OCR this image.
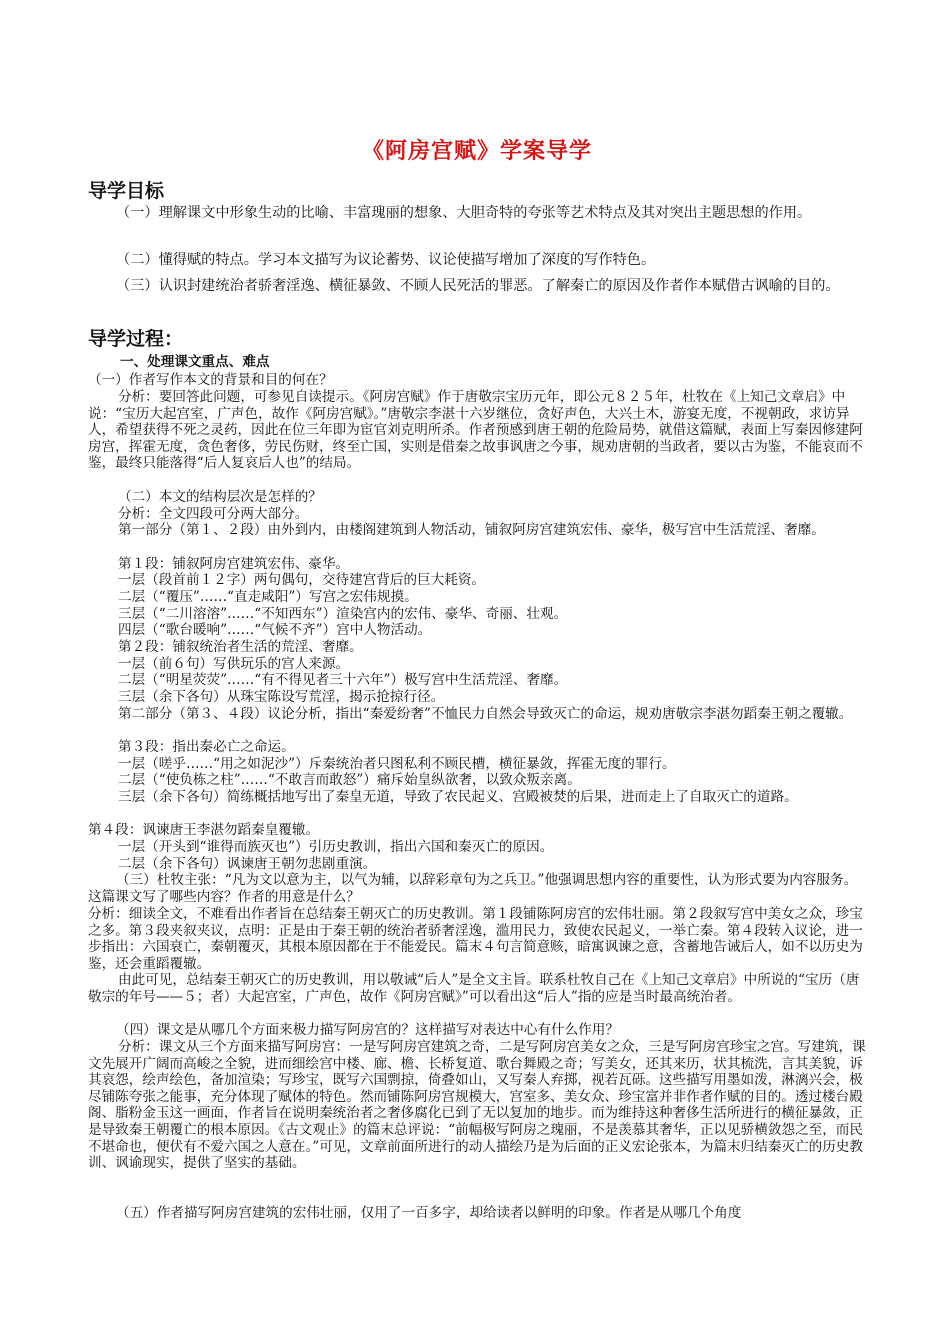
《阿房宫赋》学案导学
导学目标
（一）理解课文中形象生动的比喻、丰富瑰丽的想象、大胆奇特的夸张等艺术特点及其对突出主题思想的作用。
（二）懂得赋的特点。学习本文描写为议论蓄势、议论使描写增加了深度的写作特色。
（三）认识封建统治者骄奢淫逸、横征暴敛、不顾人民死活的罪恶。了解秦亡的原因及作者作本赋借古讽喻的目的。
导学过程：
一、处理课文重点、难点
（一）作者写作本文的背景和目的何在？
分析：要回答此问题，可参见自读提示。《阿房宫赋》作于唐敬宗宝历元年，即公元８２５年，杜牧在《上知己文章启》中说：“宝历大起宫室，广声色，故作《阿房宫赋》。”唐敬宗李湛十六岁继位，贪好声色，大兴土木，游宴无度，不视朝政，求访异人，希望获得不死之灵药，因此在位三年即为宦官刘克明所杀。作者预感到唐王朝的危险局势，就借这篇赋，表面上写秦因修建阿房宫，挥霍无度，贪色奢侈，劳民伤财，终至亡国，实则是借秦之故事讽唐之今事，规劝唐朝的当政者，要以古为鉴，不能哀而不鉴，最终只能落得“后人复哀后人也”的结局。
（二）本文的结构层次是怎样的？
分析：全文四段可分两大部分。
第一部分（第１、２段）由外到内，由楼阁建筑到人物活动，铺叙阿房宫建筑宏伟、豪华，极写宫中生活荒淫、奢靡。
第１段：铺叙阿房宫建筑宏伟、豪华。
一层（段首前１２字）两句偶句，交待建宫背后的巨大耗资。
二层（“覆压”……“直走咸阳”）写宫之宏伟规摸。
三层（“二川溶溶”……“不知西东”）渲染宫内的宏伟、豪华、奇丽、壮观。
四层（“歌台暖响”……“气候不齐”）宫中人物活动。
第２段：铺叙统治者生活的荒淫、奢靡。
一层（前６句）写供玩乐的宫人来源。
二层（“明星荧荧”……“有不得见者三十六年”）极写宫中生活荒淫、奢靡。
三层（余下各句）从珠宝陈设写荒淫，揭示抢掠行径。
第二部分（第３、４段）议论分析，指出“秦爱纷奢”不恤民力自然会导致灭亡的命运，规劝唐敬宗李湛勿蹈秦王朝之覆辙。
第３段：指出秦必亡之命运。
一层（嗟乎……“用之如泥沙”）斥秦统治者只图私利不顾民槽，横征暴敛，挥霍无度的罪行。
二层（“使负栋之柱”……“不敢言而敢怒”）痛斥始皇纵欲奢，以致众叛亲离。
三层（余下各句）简练概括地写出了秦皇无道，导致了农民起义、宫殿被焚的后果，进而走上了自取灭亡的道路。
第４段：讽谏唐王李湛勿蹈秦皇覆辙。
一层（开头到“谁得而族灭也”）引历史教训，指出六国和秦灭亡的原因。
二层（余下各句）讽谏唐王朝勿悲剧重演。
（三）杜牧主张：“凡为文以意为主，以气为辅，以辞彩章句为之兵卫。”他强调思想内容的重要性，认为形式要为内容服务。这篇课文写了哪些内容？作者的用意是什么？
分析：细读全文，不难看出作者旨在总结秦王朝灭亡的历史教训。第１段铺陈阿房宫的宏伟壮丽。第２段叙写宫中美女之众，珍宝之多。第３段夹叙夹议，点明：正是由于秦王朝的统治者骄奢淫逸，滥用民力，致使农民起义，一举亡秦。第４段转入议论，进一步指出：六国衰亡，秦朝覆灭，其根本原因都在于不能爱民。篇末４句言简意赅，暗寓讽谏之意，含蓄地告诫后人，如不以历史为鉴，还会重蹈覆辙。
由此可见，总结秦王朝灭亡的历史教训，用以敬诫“后人”是全文主旨。联系杜牧自己在《上知己文章启》中所说的“宝历（唐敬宗的年号——５；者）大起宫室，广声色，故作《阿房宫赋》”可以看出这“后人”指的应是当时最高统治者。
（四）课文是从哪几个方面来极力描写阿房宫的？这样描写对表达中心有什么作用？
分析：课文从三个方面来描写阿房宫：一是写阿房宫建筑之奇，二是写阿房宫美女之众，三是写阿房宫珍宝之宫。写建筑，课文先展开广阔而高峻之全貌，进而细绘宫中楼、廊、檐、长桥复道、歌台舞殿之奇；写美女，还其来历，状其梳洗，言其美貌，诉其哀怨，绘声绘色，备加渲染；写珍宝，既写六国剽掠，倚叠如山，又写秦人弃掷，视若瓦砾。这些描写用墨如泼，淋漓兴会，极尽铺陈夸张之能事，充分体现了赋体的特色。然而铺陈阿房宫规模大，宫室多、美女众、珍宝富并非作者作赋的目的。透过楼台殿阁、脂粉金玉这一画面，作者旨在说明秦统治者之奢侈腐化已到了无以复加的地步。而为维持这种奢侈生活所进行的横征暴敛，正是导致秦王朝覆亡的根本原因。《古文观止》的篇末总评说：“前幅极写阿房之瑰丽，不是羡慕其奢华，正以见骄横敛怨之至，而民不堪命也，便伏有不爱六国之人意在。”可见，文章前面所进行的动人描绘乃是为后面的正义宏论张本，为篇末归结秦灭亡的历史教训、讽谕现实，提供了坚实的基础。
（五）作者描写阿房宫建筑的宏伟壮丽，仅用了一百多字，却给读者以鲜明的印象。作者是从哪几个角度
